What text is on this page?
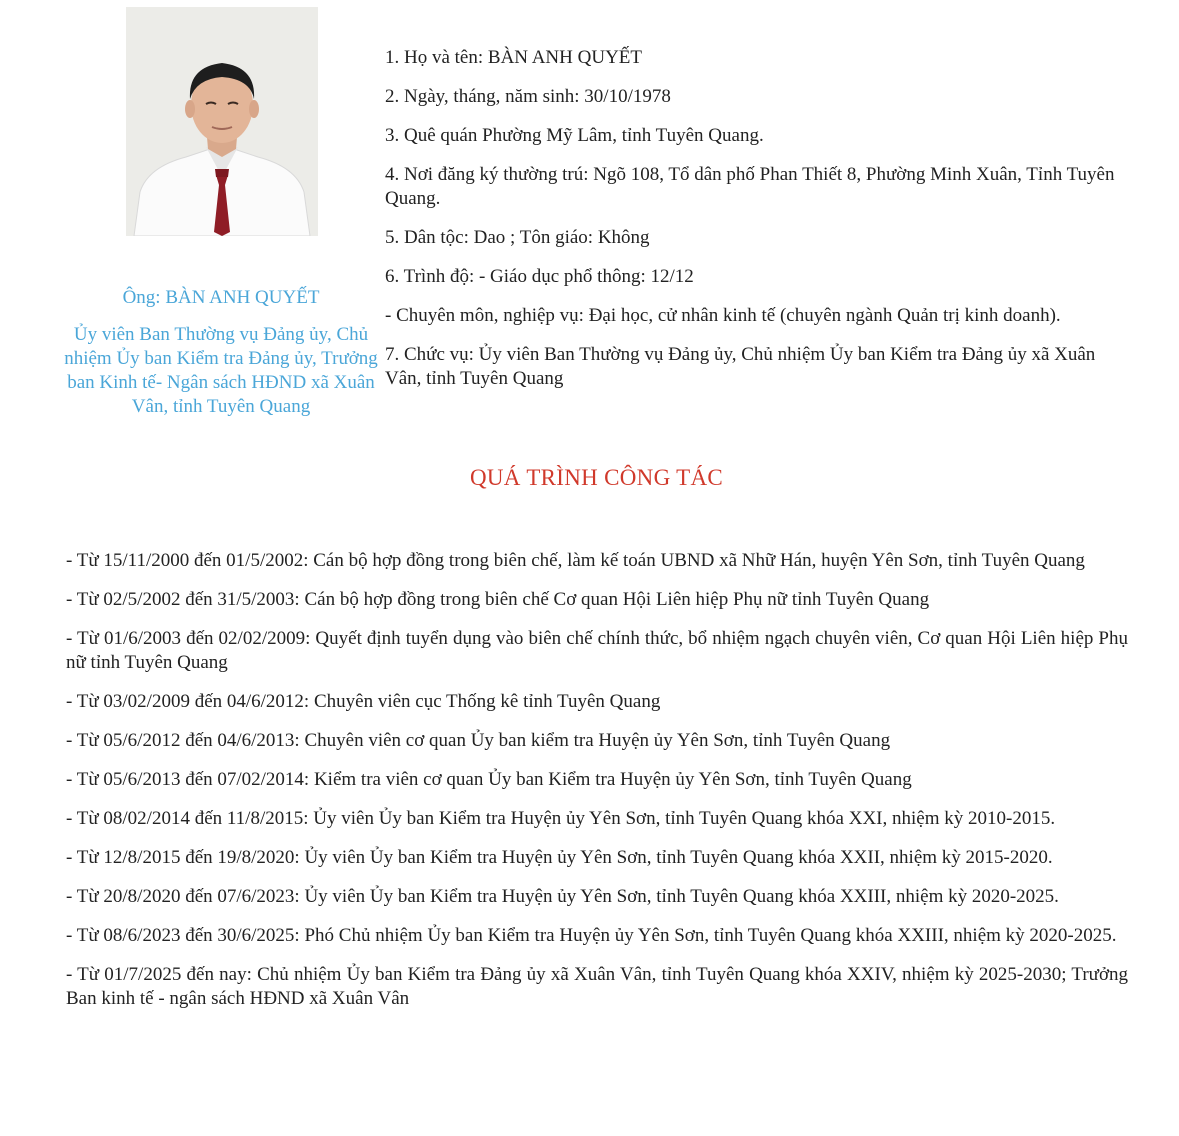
Ông: BÀN ANH QUYẾT
Ủy viên Ban Thường vụ Đảng ủy, Chủ nhiệm Ủy ban Kiểm tra Đảng ủy, Trưởng ban Kinh tế- Ngân sách HĐND xã Xuân Vân, tỉnh Tuyên Quang

1. Họ và tên: BÀN ANH QUYẾT

2. Ngày, tháng, năm sinh: 30/10/1978

3. Quê quán Phường Mỹ Lâm, tỉnh Tuyên Quang.

4. Nơi đăng ký thường trú: Ngõ 108, Tổ dân phố Phan Thiết 8, Phường Minh Xuân, Tỉnh Tuyên Quang.

5. Dân tộc: Dao ; Tôn giáo: Không

6. Trình độ: - Giáo dục phổ thông: 12/12

- Chuyên môn, nghiệp vụ: Đại học, cử nhân kinh tế (chuyên ngành Quản trị kinh doanh).

7. Chức vụ: Ủy viên Ban Thường vụ Đảng ủy, Chủ nhiệm Ủy ban Kiểm tra Đảng ủy xã Xuân Vân, tỉnh Tuyên Quang

QUÁ TRÌNH CÔNG TÁC

- Từ 15/11/2000 đến 01/5/2002: Cán bộ hợp đồng trong biên chế, làm kế toán UBND xã Nhữ Hán, huyện Yên Sơn, tỉnh Tuyên Quang

- Từ 02/5/2002 đến 31/5/2003: Cán bộ hợp đồng trong biên chế Cơ quan Hội Liên hiệp Phụ nữ tỉnh Tuyên Quang

- Từ 01/6/2003 đến 02/02/2009: Quyết định tuyển dụng vào biên chế chính thức, bổ nhiệm ngạch chuyên viên, Cơ quan Hội Liên hiệp Phụ nữ tỉnh Tuyên Quang

- Từ 03/02/2009 đến 04/6/2012: Chuyên viên cục Thống kê tỉnh Tuyên Quang

- Từ 05/6/2012 đến 04/6/2013: Chuyên viên cơ quan Ủy ban kiểm tra Huyện ủy Yên Sơn, tỉnh Tuyên Quang

- Từ 05/6/2013 đến 07/02/2014: Kiểm tra viên cơ quan Ủy ban Kiểm tra Huyện ủy Yên Sơn, tỉnh Tuyên Quang

- Từ 08/02/2014 đến 11/8/2015: Ủy viên Ủy ban Kiểm tra Huyện ủy Yên Sơn, tỉnh Tuyên Quang khóa XXI, nhiệm kỳ 2010-2015.

- Từ 12/8/2015 đến 19/8/2020: Ủy viên Ủy ban Kiểm tra Huyện ủy Yên Sơn, tỉnh Tuyên Quang khóa XXII, nhiệm kỳ 2015-2020.

- Từ 20/8/2020 đến 07/6/2023: Ủy viên Ủy ban Kiểm tra Huyện ủy Yên Sơn, tỉnh Tuyên Quang khóa XXIII, nhiệm kỳ 2020-2025.

- Từ 08/6/2023 đến 30/6/2025: Phó Chủ nhiệm Ủy ban Kiểm tra Huyện ủy Yên Sơn, tỉnh Tuyên Quang khóa XXIII, nhiệm kỳ 2020-2025.

- Từ 01/7/2025 đến nay: Chủ nhiệm Ủy ban Kiểm tra Đảng ủy xã Xuân Vân, tỉnh Tuyên Quang khóa XXIV, nhiệm kỳ 2025-2030; Trưởng Ban kinh tế - ngân sách HĐND xã Xuân Vân
